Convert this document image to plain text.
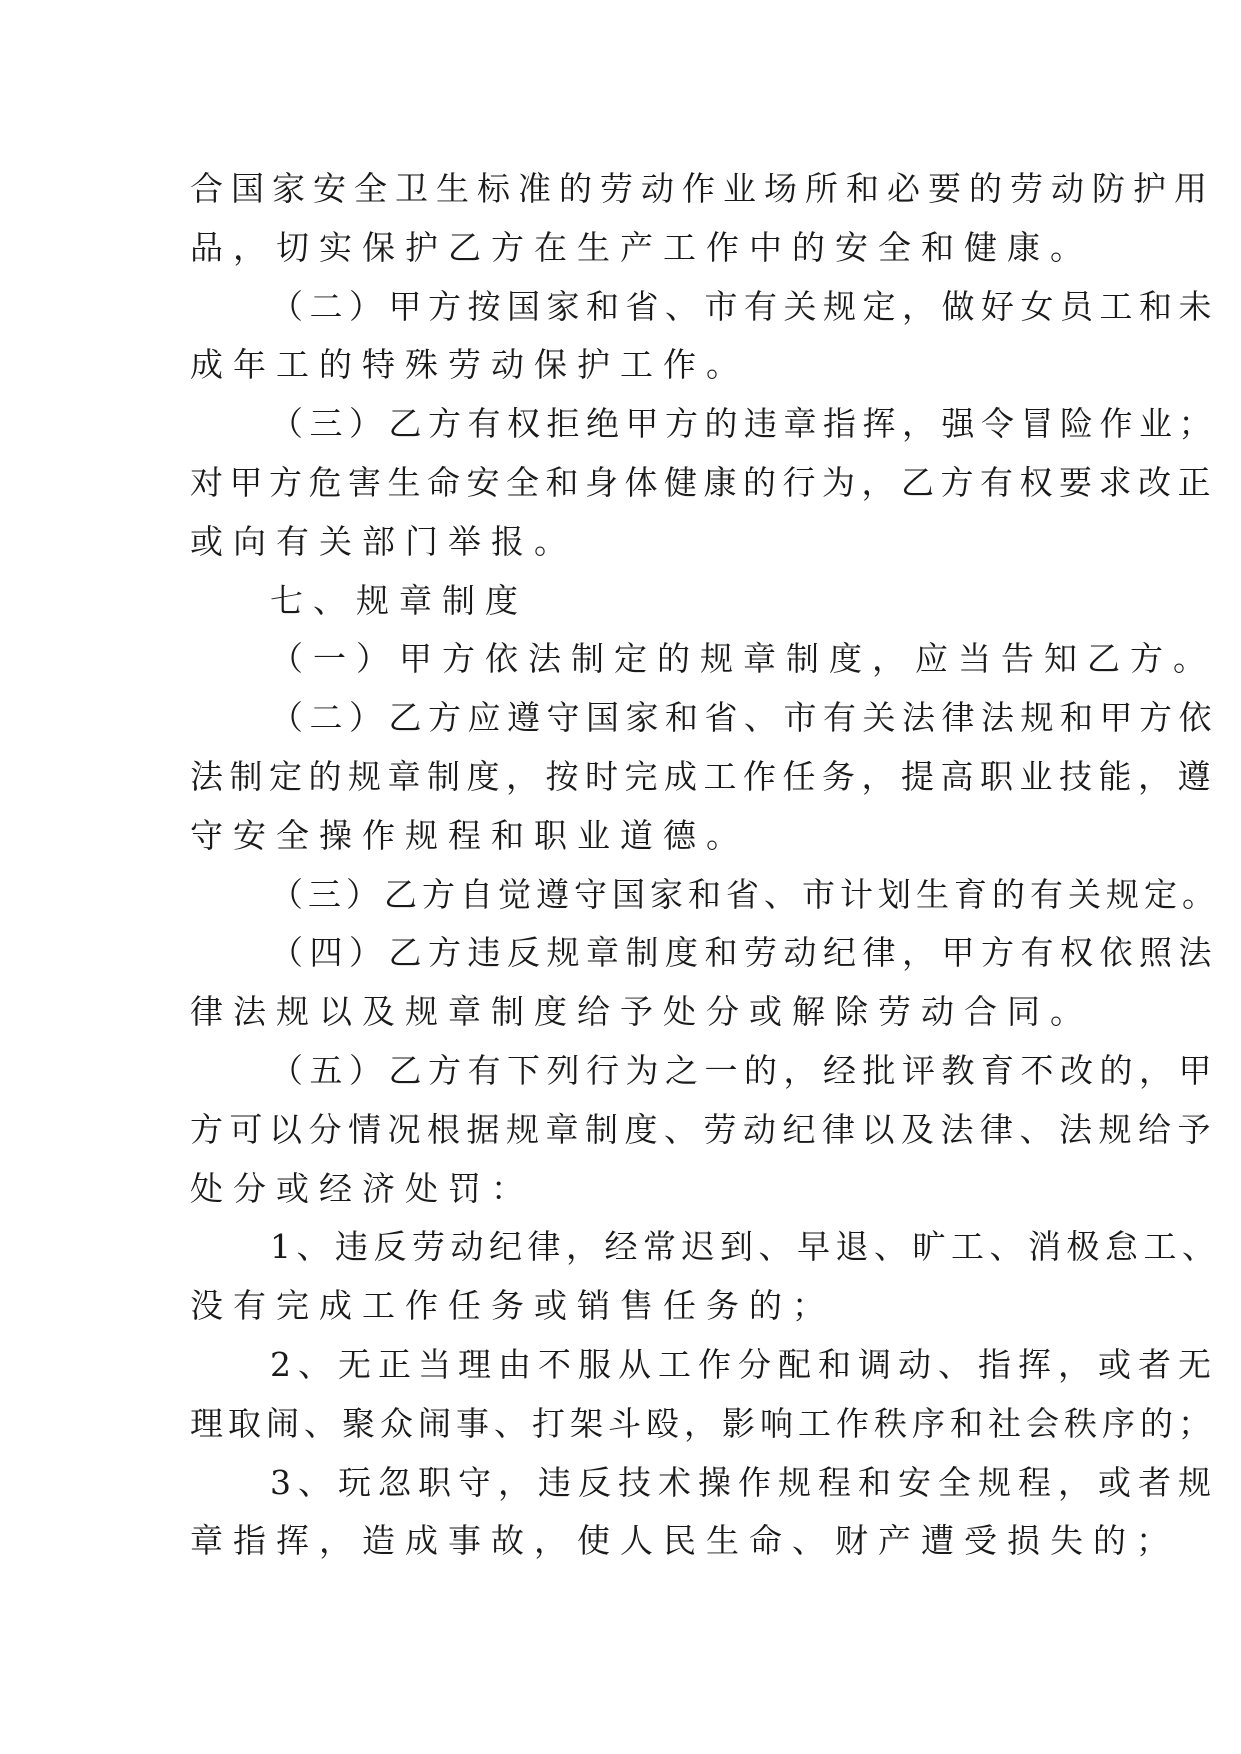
合国家安全卫生标准的劳动作业场所和必要的劳动防护用
品，切实保护乙方在生产工作中的安全和健康。
（二）甲方按国家和省、市有关规定，做好女员工和未
成年工的特殊劳动保护工作。
（三）乙方有权拒绝甲方的违章指挥，强令冒险作业；
对甲方危害生命安全和身体健康的行为，乙方有权要求改正
或向有关部门举报。
七、规章制度
（一）甲方依法制定的规章制度，应当告知乙方。
（二）乙方应遵守国家和省、市有关法律法规和甲方依
法制定的规章制度，按时完成工作任务，提高职业技能，遵
守安全操作规程和职业道德。
（三）乙方自觉遵守国家和省、市计划生育的有关规定。
（四）乙方违反规章制度和劳动纪律，甲方有权依照法
律法规以及规章制度给予处分或解除劳动合同。
（五）乙方有下列行为之一的，经批评教育不改的，甲
方可以分情况根据规章制度、劳动纪律以及法律、法规给予
处分或经济处罚：
1、违反劳动纪律，经常迟到、早退、旷工、消极怠工、
没有完成工作任务或销售任务的；
2、无正当理由不服从工作分配和调动、指挥，或者无
理取闹、聚众闹事、打架斗殴，影响工作秩序和社会秩序的；
3、玩忽职守，违反技术操作规程和安全规程，或者规
章指挥，造成事故，使人民生命、财产遭受损失的；
